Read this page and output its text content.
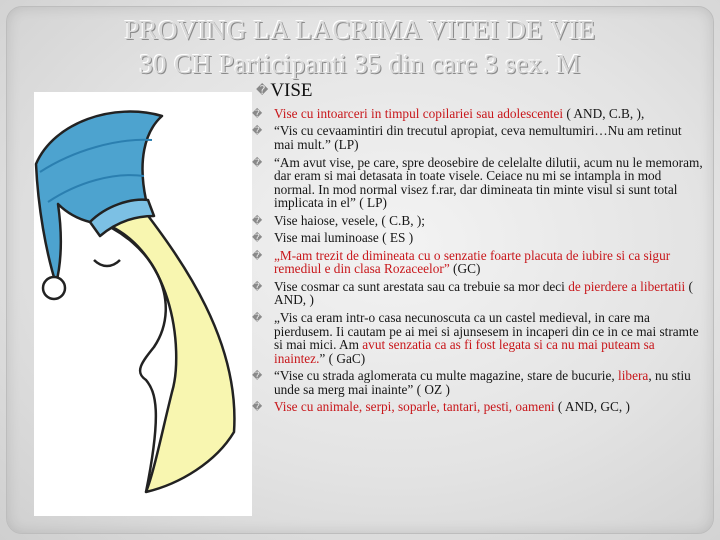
PROVING LA LACRIMA VITEI DE VIE
30 CH Participanti 35 din care 3 sex. M
� VISE
� Vise cu intoarceri in timpul copilariei sau adolescentei ( AND, C.B, ),
� “Vis cu cevaamintiri din trecutul apropiat, ceva nemultumiri…Nu am retinut mai mult.” (LP)
� “Am avut vise, pe care, spre deosebire de celelalte dilutii, acum nu le memoram, dar eram si mai detasata in toate visele. Ceiace nu mi se intampla in mod normal. In mod normal visez f.rar, dar dimineata tin minte visul si sunt total implicata in el” ( LP)
� Vise haiose, vesele, ( C.B, );
� Vise mai luminoase ( ES )
� „M-am trezit de dimineata cu o senzatie foarte placuta de iubire si ca sigur remediul e din clasa Rozaceelor” (GC)
� Vise cosmar ca sunt arestata sau ca trebuie sa mor deci de pierdere a libertatii ( AND, )
� „Vis ca eram intr-o casa necunoscuta ca un castel medieval, in care ma pierdusem. Ii cautam pe ai mei si ajunsesem in incaperi din ce in ce mai stramte si mai mici. Am avut senzatia ca as fi fost legata si ca nu mai puteam sa inaintez.” ( GaC)
� “Vise cu strada aglomerata cu multe magazine, stare de bucurie, libera, nu stiu unde sa merg mai inainte” ( OZ )
� Vise cu animale, serpi, soparle, tantari, pesti, oameni ( AND, GC, )
